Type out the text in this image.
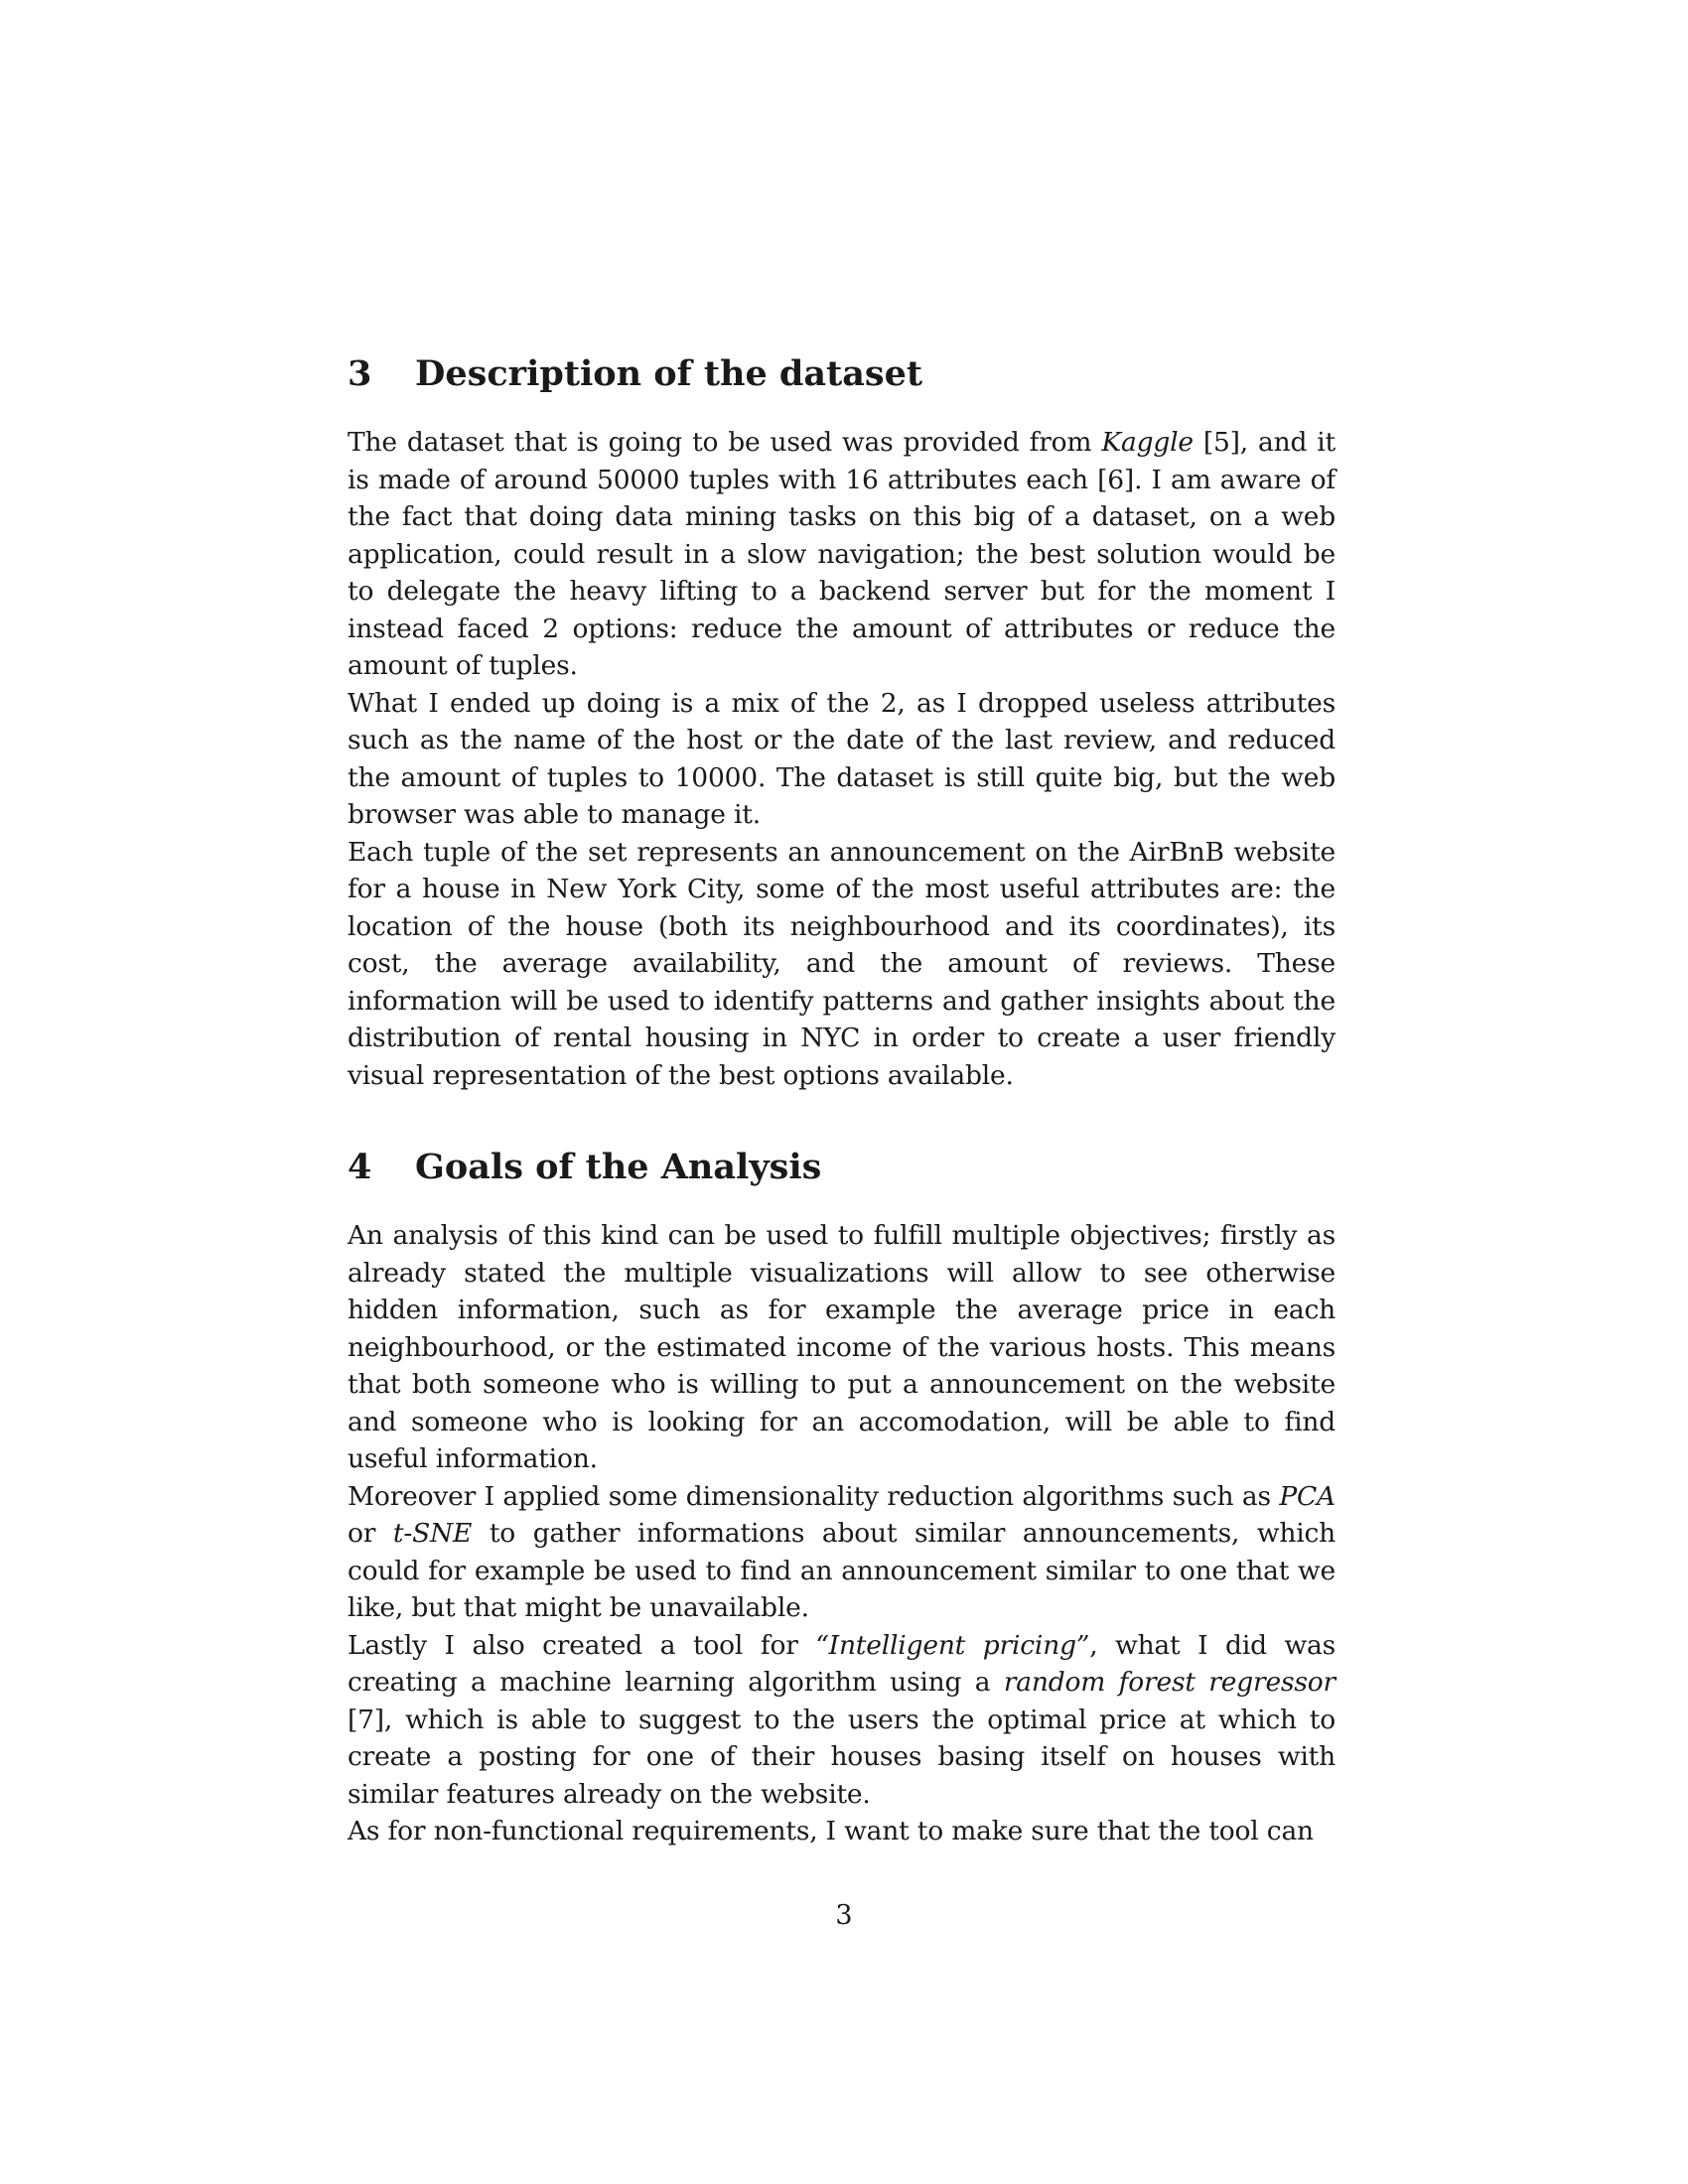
3	Description of the dataset

The dataset that is going to be used was provided from Kaggle [5], and it is made of around 50000 tuples with 16 attributes each [6]. I am aware of the fact that doing data mining tasks on this big of a dataset, on a web application, could result in a slow navigation; the best solution would be to delegate the heavy lifting to a backend server but for the moment I instead faced 2 options: reduce the amount of attributes or reduce the amount of tuples.

What I ended up doing is a mix of the 2, as I dropped useless attributes such as the name of the host or the date of the last review, and reduced the amount of tuples to 10000. The dataset is still quite big, but the web browser was able to manage it.

Each tuple of the set represents an announcement on the AirBnB website for a house in New York City, some of the most useful attributes are: the location of the house (both its neighbourhood and its coordinates), its cost, the average availability, and the amount of reviews. These information will be used to identify patterns and gather insights about the distribution of rental housing in NYC in order to create a user friendly visual representation of the best options available.

4	Goals of the Analysis

An analysis of this kind can be used to fulfill multiple objectives; firstly as already stated the multiple visualizations will allow to see otherwise hidden information, such as for example the average price in each neighbourhood, or the estimated income of the various hosts. This means that both someone who is willing to put a announcement on the website and someone who is looking for an accomodation, will be able to find useful information.

Moreover I applied some dimensionality reduction algorithms such as PCA or t-SNE to gather informations about similar announcements, which could for example be used to find an announcement similar to one that we like, but that might be unavailable.

Lastly I also created a tool for “Intelligent pricing”, what I did was creating a machine learning algorithm using a random forest regressor [7], which is able to suggest to the users the optimal price at which to create a posting for one of their houses basing itself on houses with similar features already on the website.

As for non-functional requirements, I want to make sure that the tool can

3
